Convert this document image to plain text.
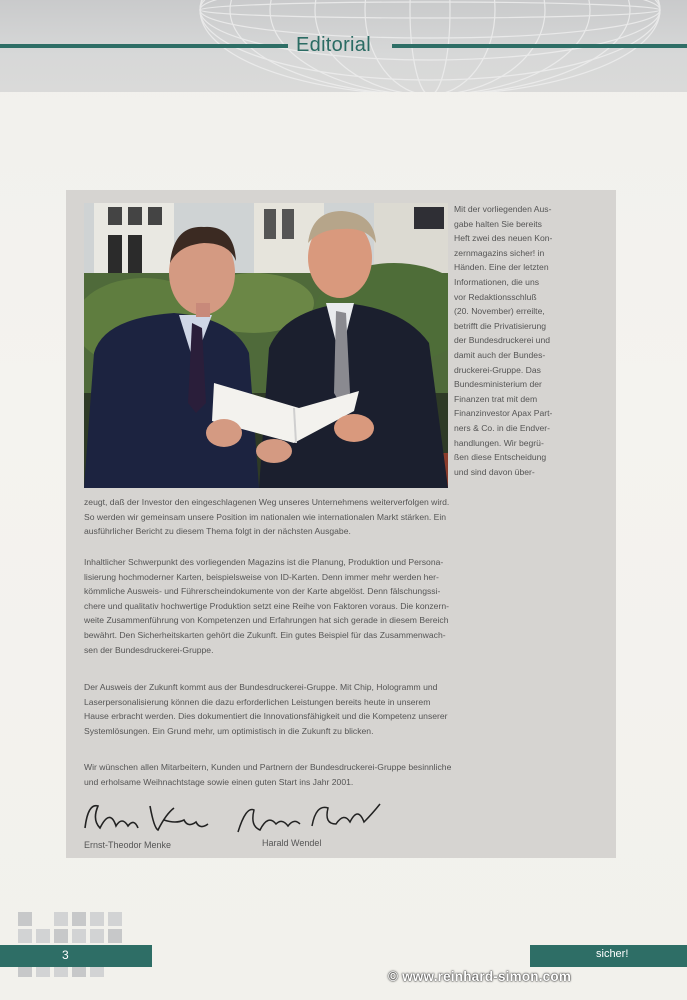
Editorial
Mit der vorliegenden Aus-
gabe halten Sie bereits
Heft zwei des neuen Kon-
zernmagazins sicher! in
Händen. Eine der letzten
Informationen, die uns
vor Redaktionsschluß
(20. November) erreilte,
betrifft die Privatisierung
der Bundesdruckerei und
damit auch der Bundes-
druckerei-Gruppe. Das
Bundesministerium der
Finanzen trat mit dem
Finanzinvestor Apax Part-
ners & Co. in die Endver-
handlungen. Wir begrü-
ßen diese Entscheidung
und sind davon über-
zeugt, daß der Investor den eingeschlagenen Weg unseres Unternehmens weiterverfolgen wird.
So werden wir gemeinsam unsere Position im nationalen wie internationalen Markt stärken. Ein
ausführlicher Bericht zu diesem Thema folgt in der nächsten Ausgabe.
Inhaltlicher Schwerpunkt des vorliegenden Magazins ist die Planung, Produktion und Persona-
lisierung hochmoderner Karten, beispielsweise von ID-Karten. Denn immer mehr werden her-
kömmliche Ausweis- und Führerscheindokumente von der Karte abgelöst. Denn fälschungssi-
chere und qualitativ hochwertige Produktion setzt eine Reihe von Faktoren voraus. Die konzern-
weite Zusammenführung von Kompetenzen und Erfahrungen hat sich gerade in diesem Bereich
bewährt. Den Sicherheitskarten gehört die Zukunft. Ein gutes Beispiel für das Zusammenwach-
sen der Bundesdruckerei-Gruppe.
Der Ausweis der Zukunft kommt aus der Bundesdruckerei-Gruppe. Mit Chip, Hologramm und
Laserpersonalisierung können die dazu erforderlichen Leistungen bereits heute in unserem
Hause erbracht werden. Dies dokumentiert die Innovationsfähigkeit und die Kompetenz unserer
Systemlösungen. Ein Grund mehr, um optimistisch in die Zukunft zu blicken.
Wir wünschen allen Mitarbeitern, Kunden und Partnern der Bundesdruckerei-Gruppe besinnliche
und erholsame Weihnachtstage sowie einen guten Start ins Jahr 2001.
Ernst-Theodor Menke	Harald Wendel
3	sicher!
© www.reinhard-simon.com
